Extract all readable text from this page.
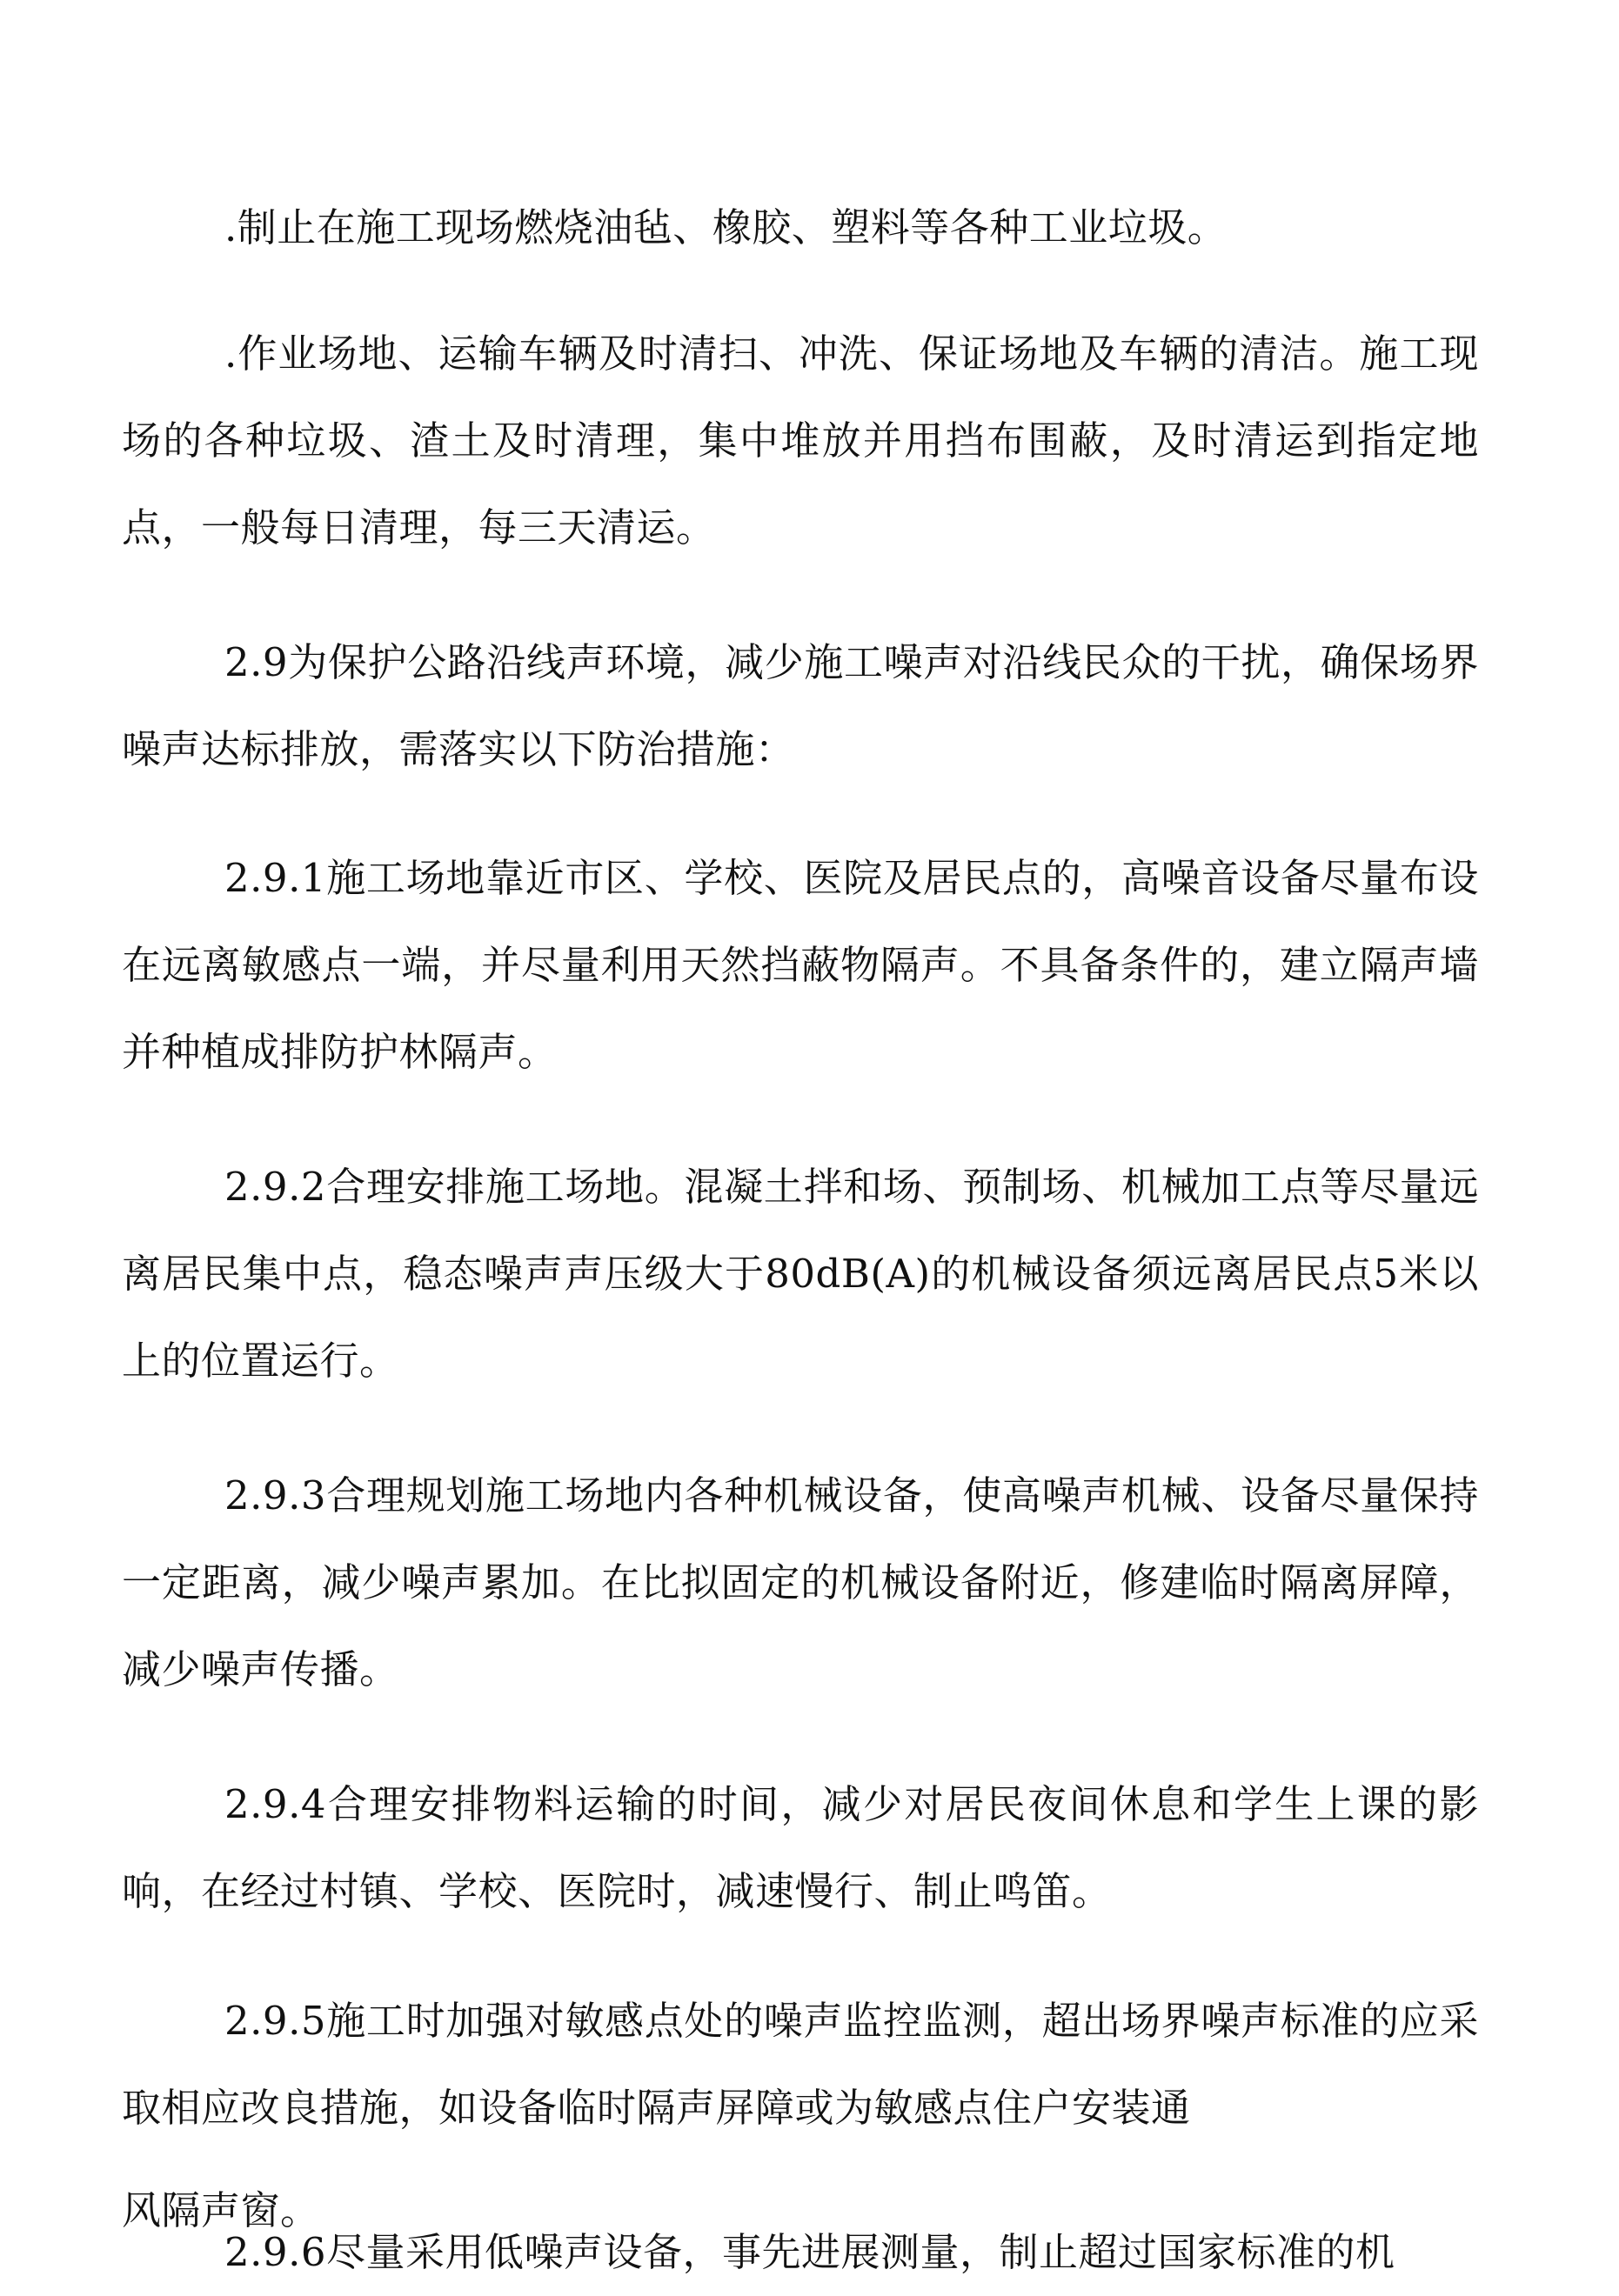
.制止在施工现场燃烧油毡、橡胶、塑料等各种工业垃圾。

.作业场地、运输车辆及时清扫、冲洗、保证场地及车辆的清洁。施工现场的各种垃圾、渣土及时清理，集中堆放并用挡布围蔽，及时清运到指定地点，一般每日清理，每三天清运。

2.9为保护公路沿线声环境，减少施工噪声对沿线民众的干扰，确保场界噪声达标排放，需落实以下防治措施：

2.9.1施工场地靠近市区、学校、医院及居民点的，高噪音设备尽量布设在远离敏感点一端，并尽量利用天然挡蔽物隔声。不具备条件的，建立隔声墙并种植成排防护林隔声。

2.9.2合理安排施工场地。混凝土拌和场、预制场、机械加工点等尽量远离居民集中点，稳态噪声声压级大于80dB(A)的机械设备须远离居民点5米以上的位置运行。

2.9.3合理规划施工场地内各种机械设备，使高噪声机械、设备尽量保持一定距离，减少噪声累加。在比拟固定的机械设备附近，修建临时隔离屏障，减少噪声传播。

2.9.4合理安排物料运输的时间，减少对居民夜间休息和学生上课的影响，在经过村镇、学校、医院时，减速慢行、制止鸣笛。

2.9.5施工时加强对敏感点处的噪声监控监测，超出场界噪声标准的应采取相应改良措施，如设备临时隔声屏障或为敏感点住户安装通

风隔声窗。

2.9.6尽量采用低噪声设备，事先进展测量，制止超过国家标准的机
